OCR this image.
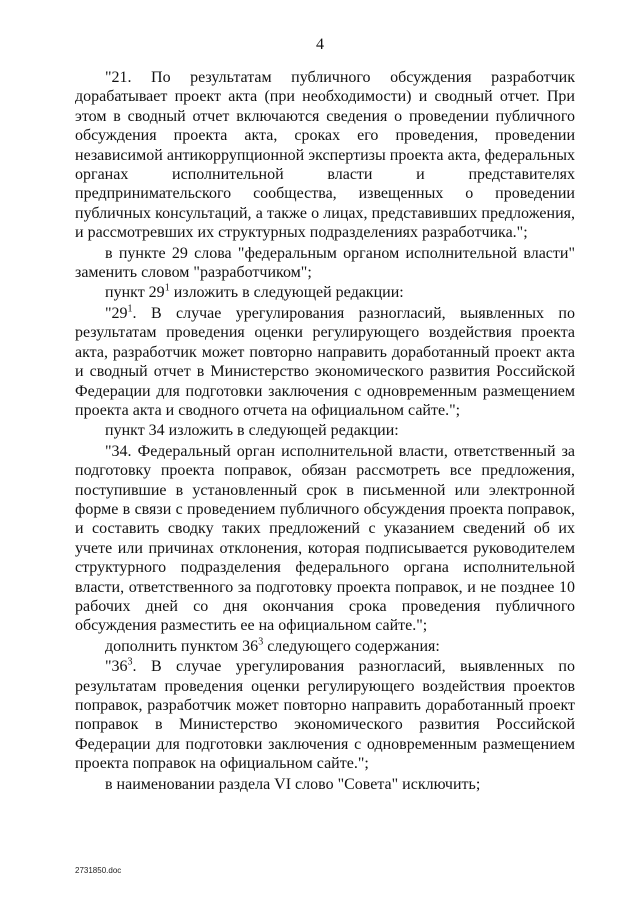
4

"21. По результатам публичного обсуждения разработчик дорабатывает проект акта (при необходимости) и сводный отчет. При этом в сводный отчет включаются сведения о проведении публичного обсуждения проекта акта, сроках его проведения, проведении независимой антикоррупционной экспертизы проекта акта, федеральных органах исполнительной власти и представителях предпринимательского сообщества, извещенных о проведении публичных консультаций, а также о лицах, представивших предложения, и рассмотревших их структурных подразделениях разработчика.";

в пункте 29 слова "федеральным органом исполнительной власти" заменить словом "разработчиком";

пункт $29^1$ изложить в следующей редакции:

"$29^1$. В случае урегулирования разногласий, выявленных по результатам проведения оценки регулирующего воздействия проекта акта, разработчик может повторно направить доработанный проект акта и сводный отчет в Министерство экономического развития Российской Федерации для подготовки заключения с одновременным размещением проекта акта и сводного отчета на официальном сайте.";

пункт 34 изложить в следующей редакции:

"34. Федеральный орган исполнительной власти, ответственный за подготовку проекта поправок, обязан рассмотреть все предложения, поступившие в установленный срок в письменной или электронной форме в связи с проведением публичного обсуждения проекта поправок, и составить сводку таких предложений с указанием сведений об их учете или причинах отклонения, которая подписывается руководителем структурного подразделения федерального органа исполнительной власти, ответственного за подготовку проекта поправок, и не позднее 10 рабочих дней со дня окончания срока проведения публичного обсуждения разместить ее на официальном сайте.";

дополнить пунктом $36^3$ следующего содержания:

"$36^3$. В случае урегулирования разногласий, выявленных по результатам проведения оценки регулирующего воздействия проектов поправок, разработчик может повторно направить доработанный проект поправок в Министерство экономического развития Российской Федерации для подготовки заключения с одновременным размещением проекта поправок на официальном сайте.";

в наименовании раздела VI слово "Совета" исключить;

2731850.doc
